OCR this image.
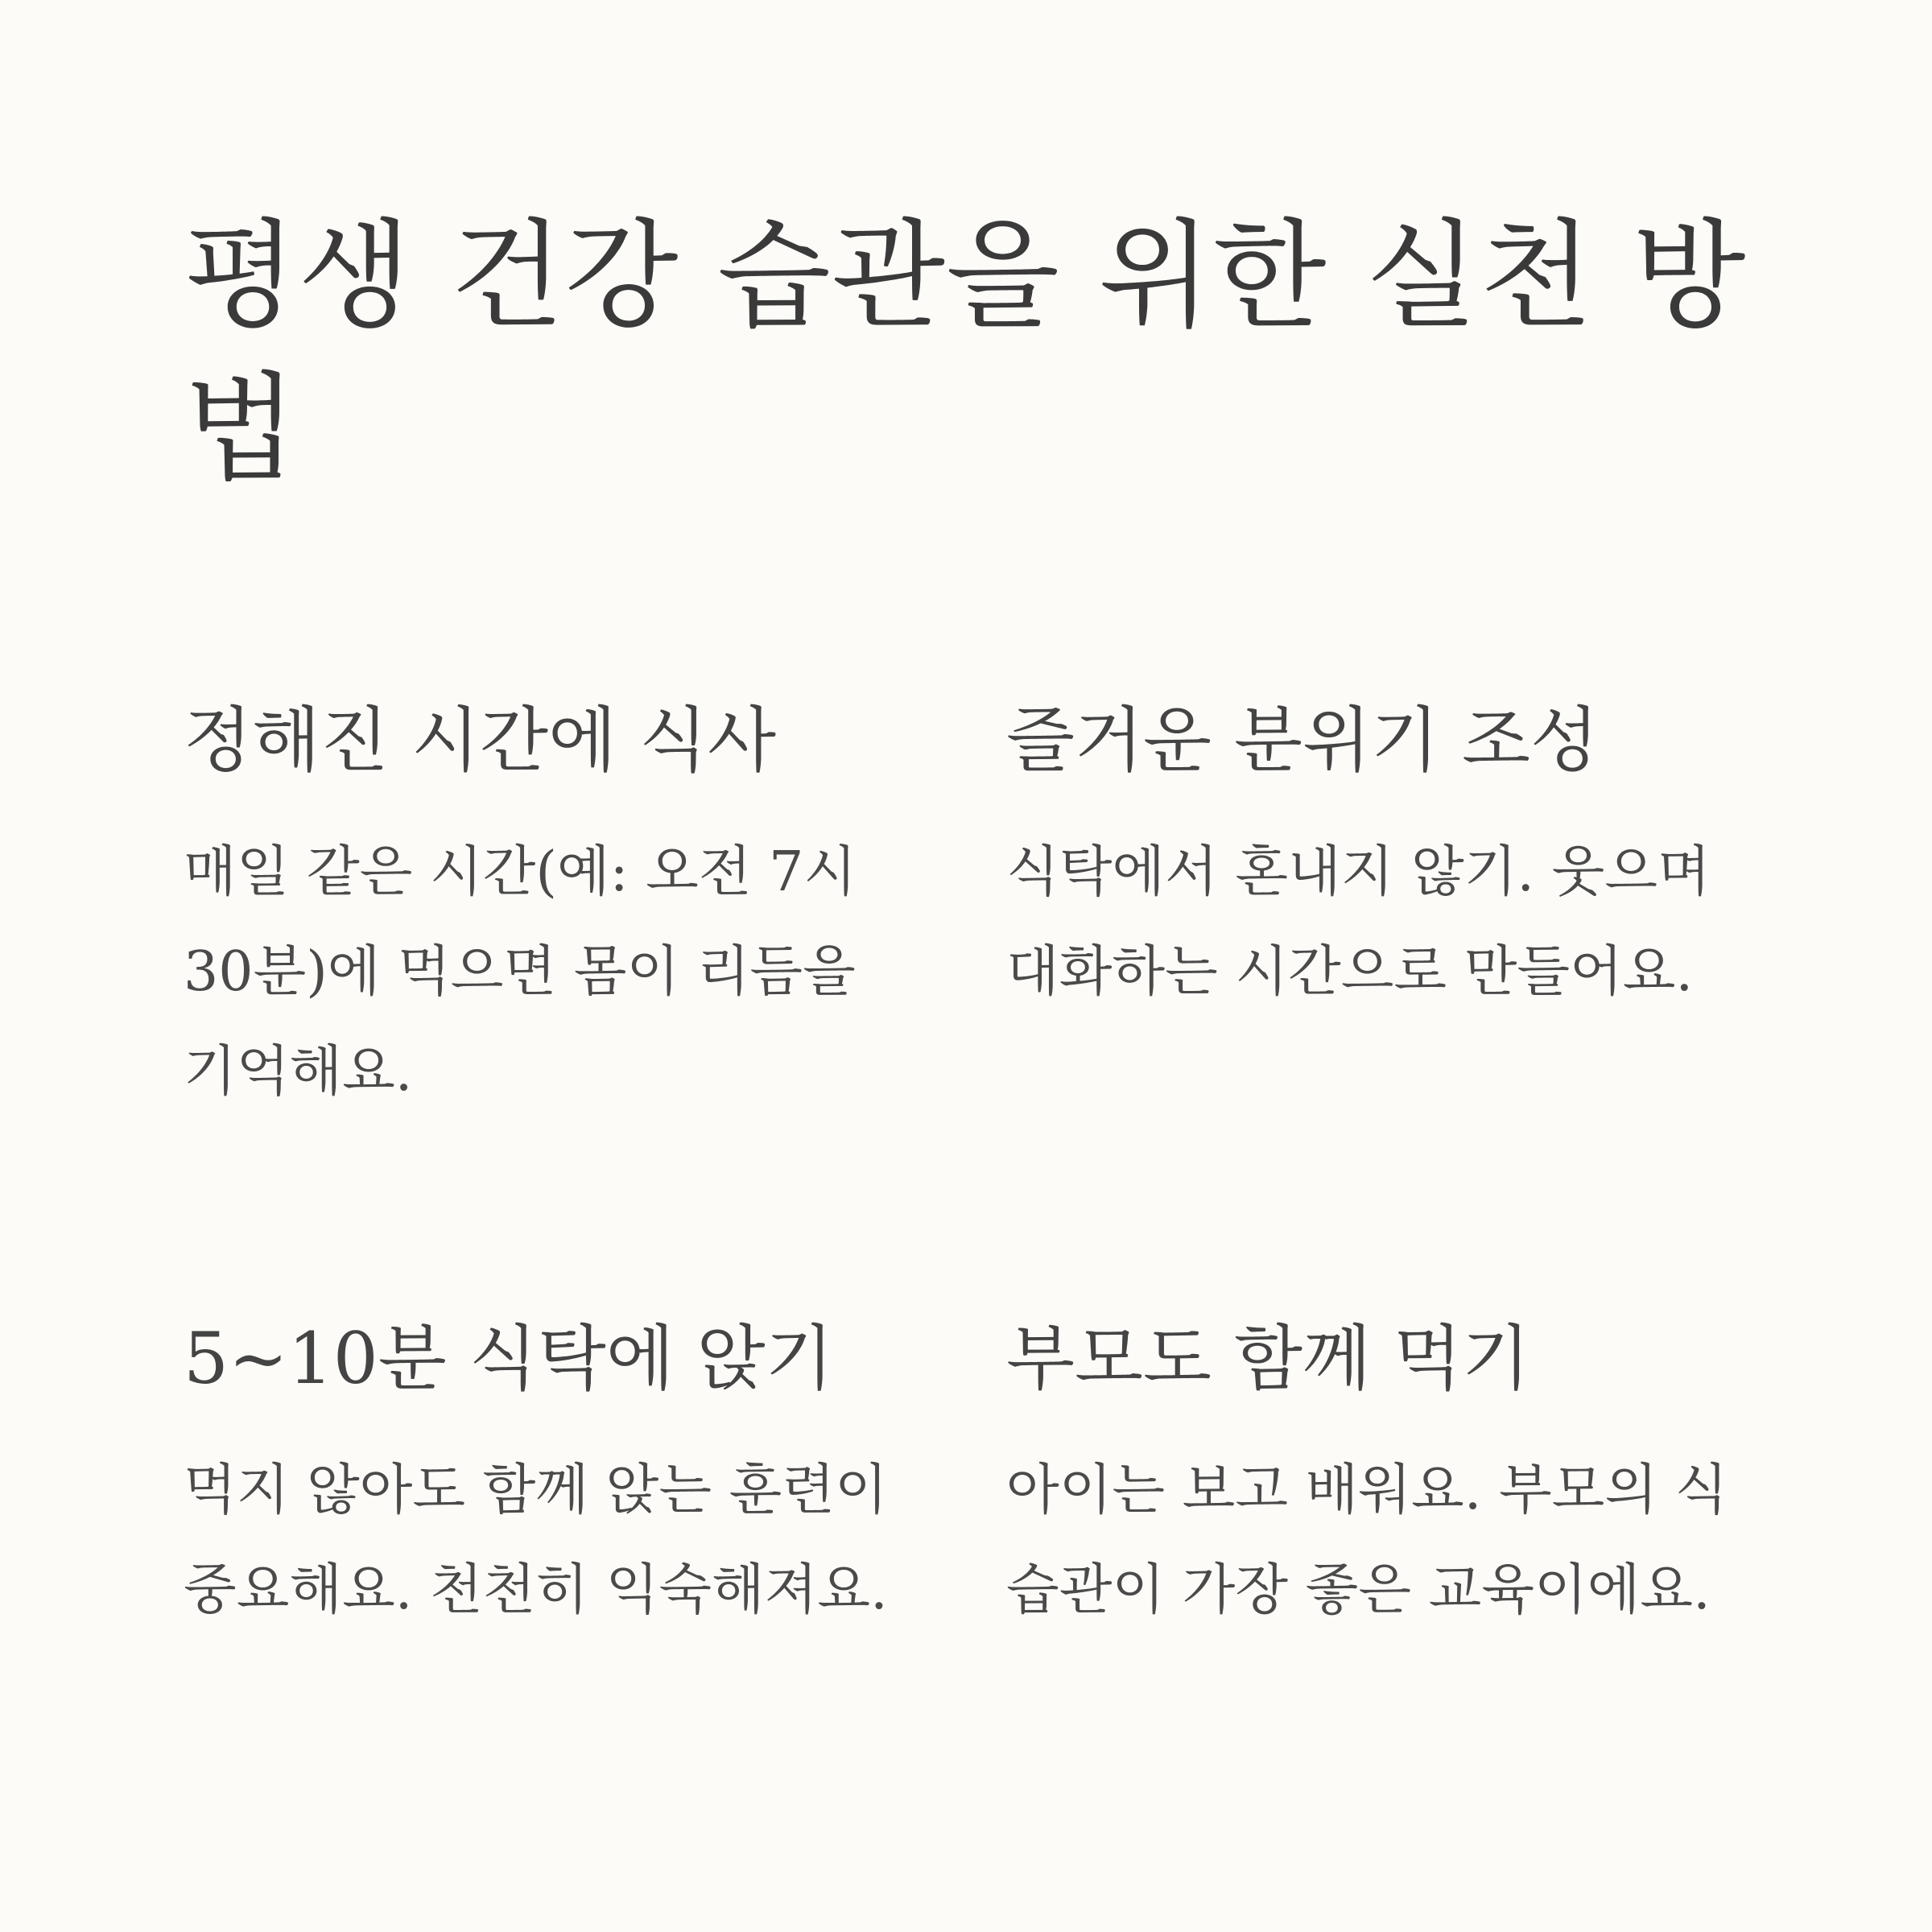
평생 건강 습관을 위한 실천 방법
정해진 시간에 식사

매일 같은 시간(예: 오전 7시 30분)에 먹으면 몸이 리듬을 기억해요.

즐거운 분위기 조성

식탁에서 혼내지 않기. 웃으며 대화하는 시간으로 만들어요.

5~10분 식탁에 앉기

먹지 않아도 함께 앉는 훈련이 중요해요. 천천히 익숙해져요.

부모도 함께 먹기

아이는 보고 배워요. 부모의 식습관이 가장 좋은 교육이에요.
